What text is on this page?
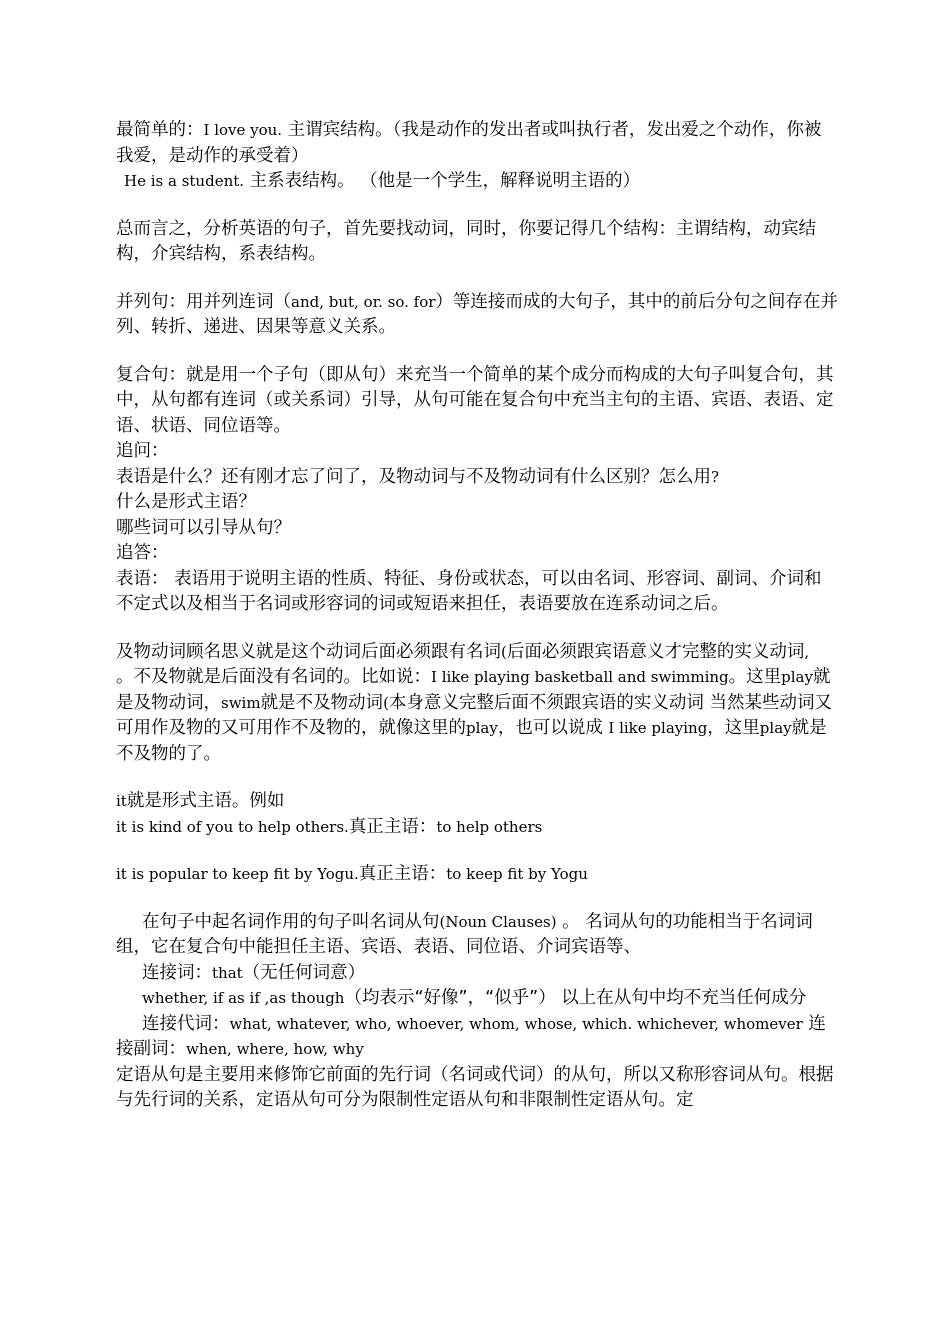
最简单的：I love you. 主谓宾结构。（我是动作的发出者或叫执行者，发出爱之个动作，你被我爱，是动作的承受着）

He is a student. 主系表结构。 （他是一个学生，解释说明主语的）

总而言之，分析英语的句子，首先要找动词，同时，你要记得几个结构：主谓结构，动宾结构，介宾结构，系表结构。

并列句：用并列连词（and, but, or. so. for）等连接而成的大句子，其中的前后分句之间存在并列、转折、递进、因果等意义关系。

复合句：就是用一个子句（即从句）来充当一个简单的某个成分而构成的大句子叫复合句，其中，从句都有连词（或关系词）引导，从句可能在复合句中充当主句的主语、宾语、表语、定语、状语、同位语等。

追问：

表语是什么？还有刚才忘了问了，及物动词与不及物动词有什么区别？怎么用?

什么是形式主语？

哪些词可以引导从句？

追答：

表语： 表语用于说明主语的性质、特征、身份或状态，可以由名词、形容词、副词、介词和不定式以及相当于名词或形容词的词或短语来担任，表语要放在连系动词之后。

及物动词顾名思义就是这个动词后面必须跟有名词(后面必须跟宾语意义才完整的实义动词,

。不及物就是后面没有名词的。比如说：I like playing basketball and swimming。这里play就是及物动词，swim就是不及物动词(本身意义完整后面不须跟宾语的实义动词 当然某些动词又可用作及物的又可用作不及物的，就像这里的play，也可以说成 I like playing，这里play就是不及物的了。

it就是形式主语。例如

it is kind of you to help others.真正主语：to help others

it is popular to keep fit by Yogu.真正主语：to keep fit by Yogu

在句子中起名词作用的句子叫名词从句(Noun Clauses) 。 名词从句的功能相当于名词词组，它在复合句中能担任主语、宾语、表语、同位语、介词宾语等、

连接词：that（无任何词意）

whether, if as if ,as though（均表示“好像”，“似乎”） 以上在从句中均不充当任何成分

连接代词：what, whatever, who, whoever, whom, whose, which. whichever, whomever 连接副词：when, where, how, why

定语从句是主要用来修饰它前面的先行词（名词或代词）的从句，所以又称形容词从句。根据与先行词的关系，定语从句可分为限制性定语从句和非限制性定语从句。定
